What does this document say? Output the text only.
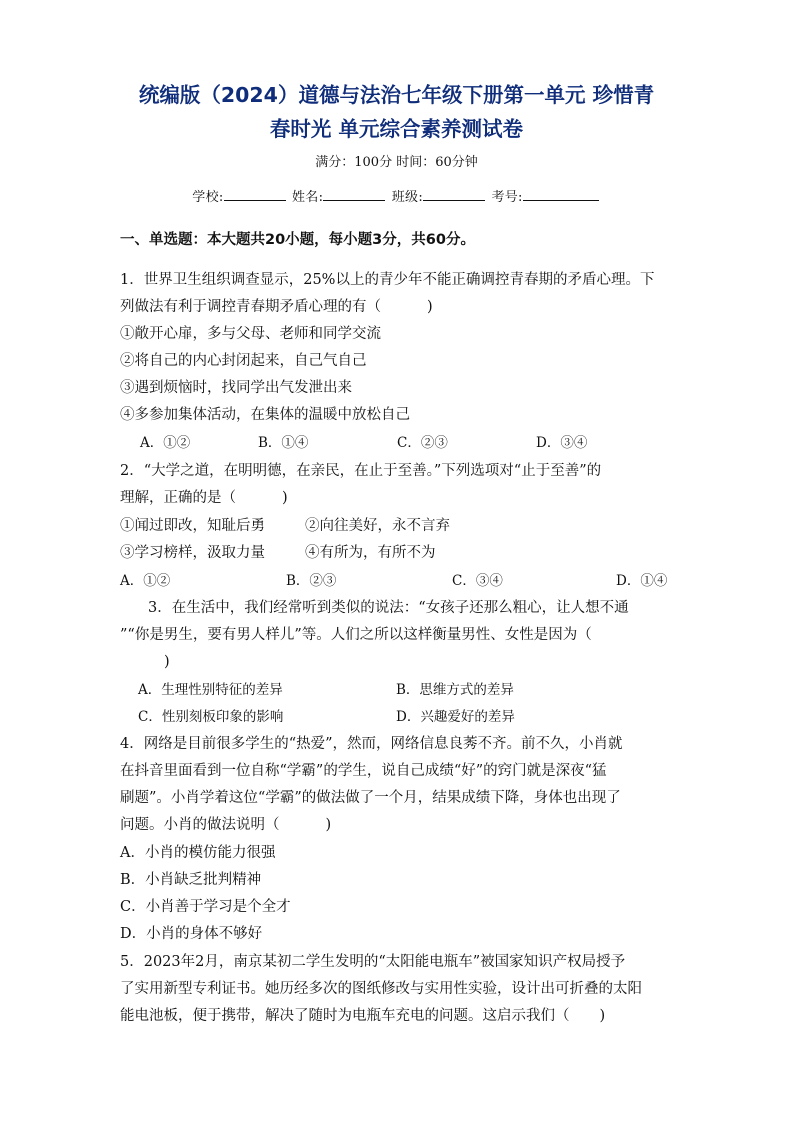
统编版（2024）道德与法治七年级下册第一单元 珍惜青
春时光 单元综合素养测试卷
满分：100分 时间：60分钟
学校:	姓名:	班级:	考号:
一、单选题：本大题共20小题，每小题3分，共60分。
1．世界卫生组织调查显示，25%以上的青少年不能正确调控青春期的矛盾心理。下
列做法有利于调控青春期矛盾心理的有（	)
①敞开心扉，多与父母、老师和同学交流
②将自己的内心封闭起来，自己气自己
③遇到烦恼时，找同学出气发泄出来
④多参加集体活动，在集体的温暖中放松自己
A．①②	B．①④	C．②③	D．③④
2．“大学之道，在明明德，在亲民，在止于至善。”下列选项对“止于至善”的
理解，正确的是（	)
①闻过即改，知耻后勇	②向往美好，永不言弃
③学习榜样，汲取力量	④有所为，有所不为
A．①②	B．②③	C．③④	D．①④
3．在生活中，我们经常听到类似的说法：“女孩子还那么粗心，让人想不通
”“你是男生，要有男人样儿”等。人们之所以这样衡量男性、女性是因为（
)
A．生理性别特征的差异	B．思维方式的差异
C．性别刻板印象的影响	D．兴趣爱好的差异
4．网络是目前很多学生的“热爱”，然而，网络信息良莠不齐。前不久，小肖就
在抖音里面看到一位自称“学霸”的学生，说自己成绩“好”的窍门就是深夜“猛
刷题”。小肖学着这位“学霸”的做法做了一个月，结果成绩下降，身体也出现了
问题。小肖的做法说明（	)
A．小肖的模仿能力很强
B．小肖缺乏批判精神
C．小肖善于学习是个全才
D．小肖的身体不够好
5．2023年2月，南京某初二学生发明的“太阳能电瓶车”被国家知识产权局授予
了实用新型专利证书。她历经多次的图纸修改与实用性实验，设计出可折叠的太阳
能电池板，便于携带，解决了随时为电瓶车充电的问题。这启示我们（ )
